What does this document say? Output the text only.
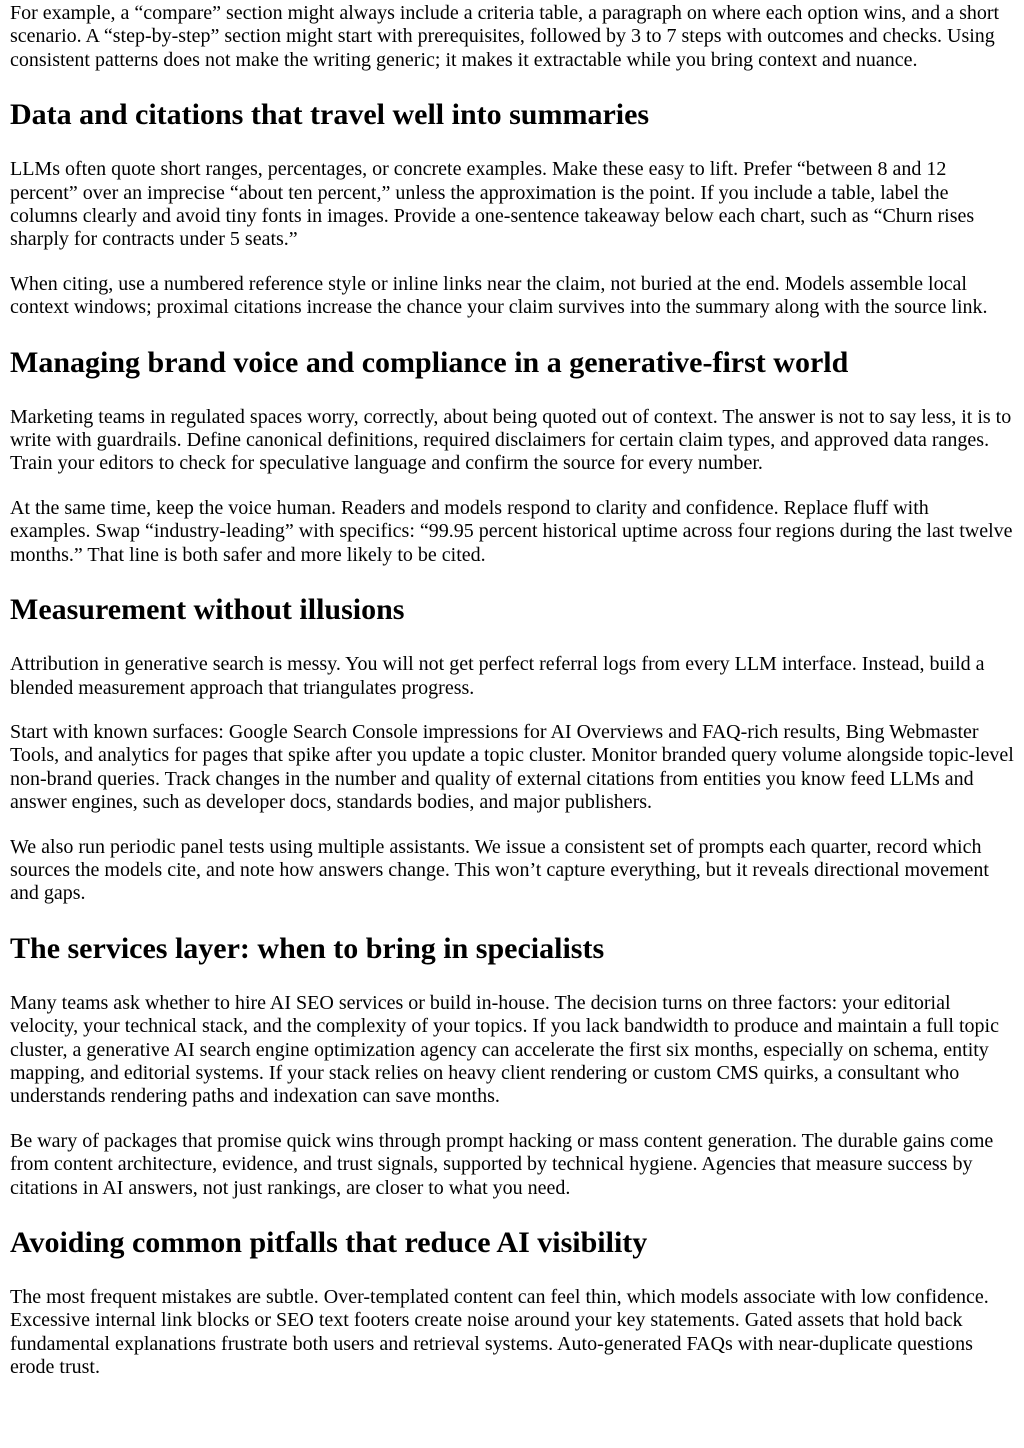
For example, a “compare” section might always include a criteria table, a paragraph on where each option wins, and a short scenario. A “step-by-step” section might start with prerequisites, followed by 3 to 7 steps with outcomes and checks. Using consistent patterns does not make the writing generic; it makes it extractable while you bring context and nuance.

Data and citations that travel well into summaries

LLMs often quote short ranges, percentages, or concrete examples. Make these easy to lift. Prefer “between 8 and 12 percent” over an imprecise “about ten percent,” unless the approximation is the point. If you include a table, label the columns clearly and avoid tiny fonts in images. Provide a one-sentence takeaway below each chart, such as “Churn rises sharply for contracts under 5 seats.”

When citing, use a numbered reference style or inline links near the claim, not buried at the end. Models assemble local context windows; proximal citations increase the chance your claim survives into the summary along with the source link.

Managing brand voice and compliance in a generative-first world

Marketing teams in regulated spaces worry, correctly, about being quoted out of context. The answer is not to say less, it is to write with guardrails. Define canonical definitions, required disclaimers for certain claim types, and approved data ranges. Train your editors to check for speculative language and confirm the source for every number.

At the same time, keep the voice human. Readers and models respond to clarity and confidence. Replace fluff with examples. Swap “industry-leading” with specifics: “99.95 percent historical uptime across four regions during the last twelve months.” That line is both safer and more likely to be cited.

Measurement without illusions

Attribution in generative search is messy. You will not get perfect referral logs from every LLM interface. Instead, build a blended measurement approach that triangulates progress.

Start with known surfaces: Google Search Console impressions for AI Overviews and FAQ-rich results, Bing Webmaster Tools, and analytics for pages that spike after you update a topic cluster. Monitor branded query volume alongside topic-level non-brand queries. Track changes in the number and quality of external citations from entities you know feed LLMs and answer engines, such as developer docs, standards bodies, and major publishers.

We also run periodic panel tests using multiple assistants. We issue a consistent set of prompts each quarter, record which sources the models cite, and note how answers change. This won’t capture everything, but it reveals directional movement and gaps.

The services layer: when to bring in specialists

Many teams ask whether to hire AI SEO services or build in-house. The decision turns on three factors: your editorial velocity, your technical stack, and the complexity of your topics. If you lack bandwidth to produce and maintain a full topic cluster, a generative AI search engine optimization agency can accelerate the first six months, especially on schema, entity mapping, and editorial systems. If your stack relies on heavy client rendering or custom CMS quirks, a consultant who understands rendering paths and indexation can save months.

Be wary of packages that promise quick wins through prompt hacking or mass content generation. The durable gains come from content architecture, evidence, and trust signals, supported by technical hygiene. Agencies that measure success by citations in AI answers, not just rankings, are closer to what you need.

Avoiding common pitfalls that reduce AI visibility

The most frequent mistakes are subtle. Over-templated content can feel thin, which models associate with low confidence. Excessive internal link blocks or SEO text footers create noise around your key statements. Gated assets that hold back fundamental explanations frustrate both users and retrieval systems. Auto-generated FAQs with near-duplicate questions erode trust.
